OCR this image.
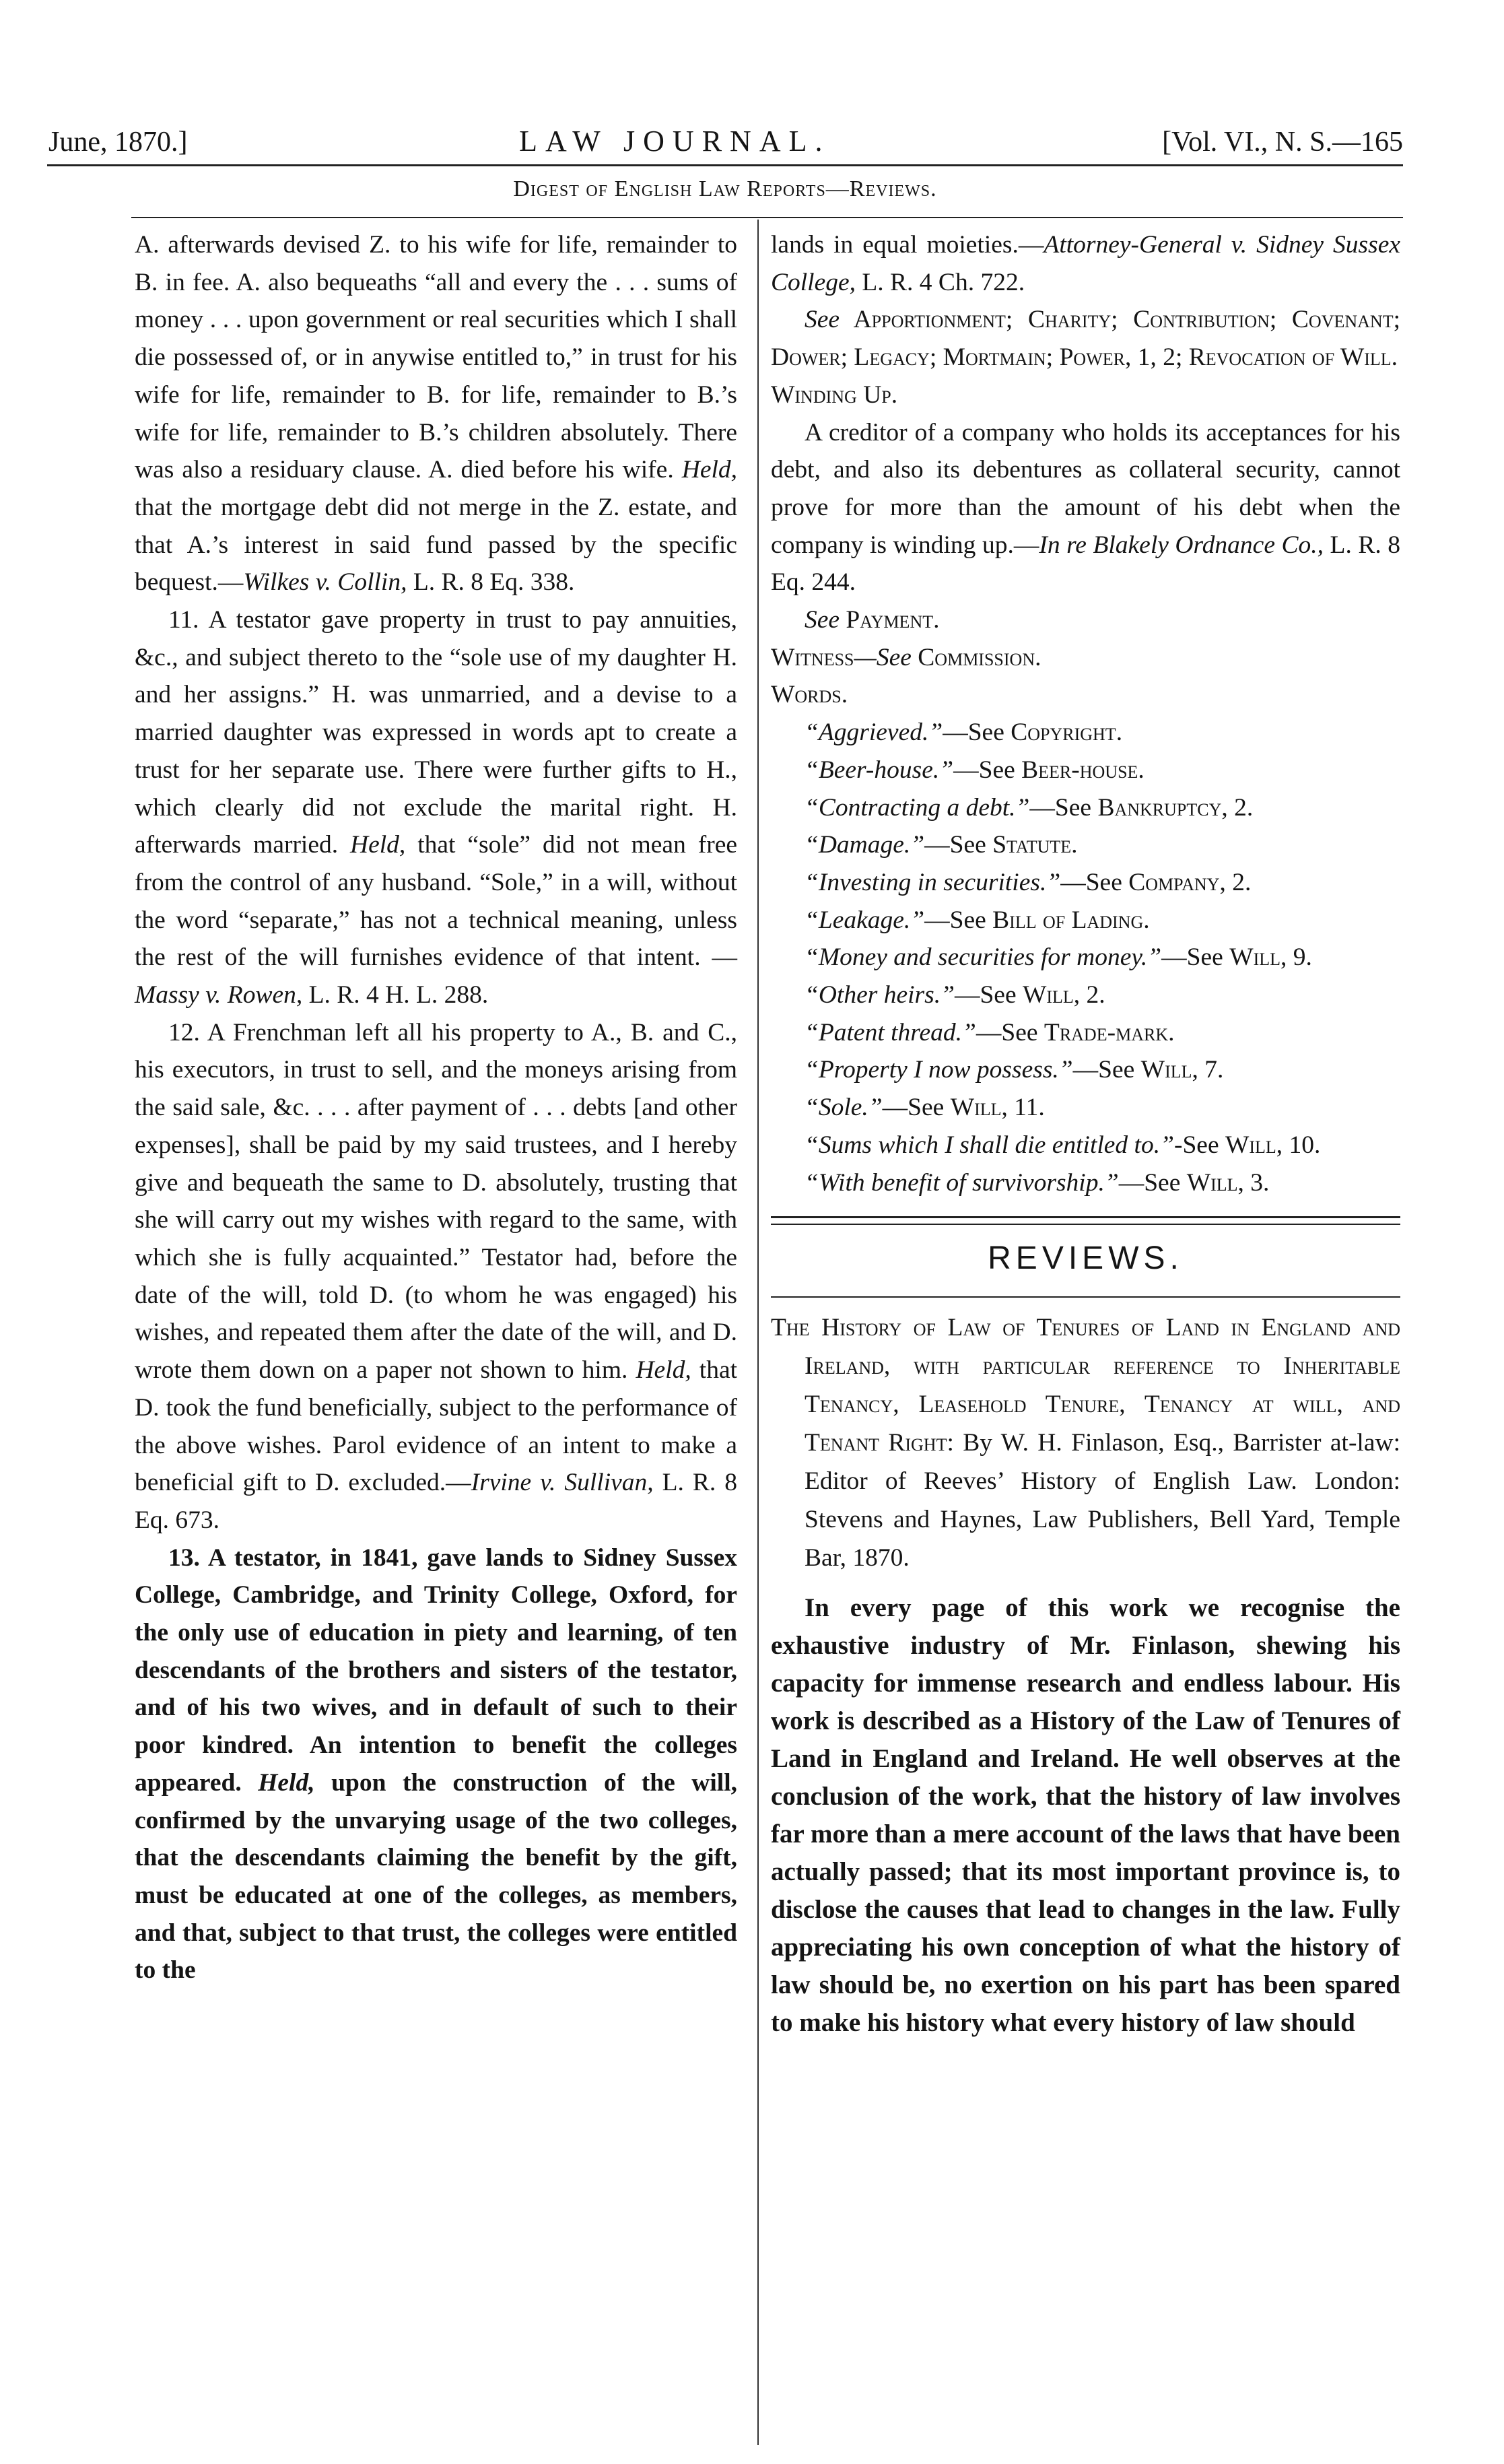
June, 1870.]	LAW JOURNAL.	[Vol. VI., N. S.—165
Digest of English Law Reports—Reviews.

A. afterwards devised Z. to his wife for life, remainder to B. in fee. A. also bequeaths “all and every the . . . sums of money . . . upon government or real securities which I shall die possessed of, or in anywise entitled to,” in trust for his wife for life, remainder to B. for life, remainder to B.’s wife for life, remainder to B.’s children absolutely. There was also a residuary clause. A. died before his wife. Held, that the mortgage debt did not merge in the Z. estate, and that A.’s interest in said fund passed by the specific bequest.—Wilkes v. Collin, L. R. 8 Eq. 338.

11. A testator gave property in trust to pay annuities, &c., and subject thereto to the “sole use of my daughter H. and her assigns.” H. was unmarried, and a devise to a married daughter was expressed in words apt to create a trust for her separate use. There were further gifts to H., which clearly did not exclude the marital right. H. afterwards married. Held, that “sole” did not mean free from the control of any husband. “Sole,” in a will, without the word “separate,” has not a technical meaning, unless the rest of the will furnishes evidence of that intent. — Massy v. Rowen, L. R. 4 H. L. 288.

12. A Frenchman left all his property to A., B. and C., his executors, in trust to sell, and the moneys arising from the said sale, &c. . . . after payment of . . . debts [and other expenses], shall be paid by my said trustees, and I hereby give and bequeath the same to D. absolutely, trusting that she will carry out my wishes with regard to the same, with which she is fully acquainted.” Testator had, before the date of the will, told D. (to whom he was engaged) his wishes, and repeated them after the date of the will, and D. wrote them down on a paper not shown to him. Held, that D. took the fund beneficially, subject to the performance of the above wishes. Parol evidence of an intent to make a beneficial gift to D. excluded.—Irvine v. Sullivan, L. R. 8 Eq. 673.

13. A testator, in 1841, gave lands to Sidney Sussex College, Cambridge, and Trinity College, Oxford, for the only use of education in piety and learning, of ten descendants of the brothers and sisters of the testator, and of his two wives, and in default of such to their poor kindred. An intention to benefit the colleges appeared. Held, upon the construction of the will, confirmed by the unvarying usage of the two colleges, that the descendants claiming the benefit by the gift, must be educated at one of the colleges, as members, and that, subject to that trust, the colleges were entitled to the

lands in equal moieties.—Attorney-General v. Sidney Sussex College, L. R. 4 Ch. 722.

See Apportionment; Charity; Contribution; Covenant; Dower; Legacy; Mortmain; Power, 1, 2; Revocation of Will.

Winding Up.

A creditor of a company who holds its acceptances for his debt, and also its debentures as collateral security, cannot prove for more than the amount of his debt when the company is winding up.—In re Blakely Ordnance Co., L. R. 8 Eq. 244.

See Payment.

Witness—See Commission.

Words.

“Aggrieved.”—See Copyright.
“Beer-house.”—See Beer-house.
“Contracting a debt.”—See Bankruptcy, 2.
“Damage.”—See Statute.
“Investing in securities.”—See Company, 2.
“Leakage.”—See Bill of Lading.
“Money and securities for money.”—See Will, 9.
“Other heirs.”—See Will, 2.
“Patent thread.”—See Trade-mark.
“Property I now possess.”—See Will, 7.
“Sole.”—See Will, 11.
“Sums which I shall die entitled to.”-See Will, 10.
“With benefit of survivorship.”—See Will, 3.
REVIEWS.

The History of Law of Tenures of Land in England and Ireland, with particular reference to Inheritable Tenancy, Leasehold Tenure, Tenancy at will, and Tenant Right: By W. H. Finlason, Esq., Barrister at-law: Editor of Reeves’ History of English Law. London: Stevens and Haynes, Law Publishers, Bell Yard, Temple Bar, 1870.

In every page of this work we recognise the exhaustive industry of Mr. Finlason, shewing his capacity for immense research and endless labour. His work is described as a History of the Law of Tenures of Land in England and Ireland. He well observes at the conclusion of the work, that the history of law involves far more than a mere account of the laws that have been actually passed; that its most important province is, to disclose the causes that lead to changes in the law. Fully appreciating his own conception of what the history of law should be, no exertion on his part has been spared to make his history what every history of law should
